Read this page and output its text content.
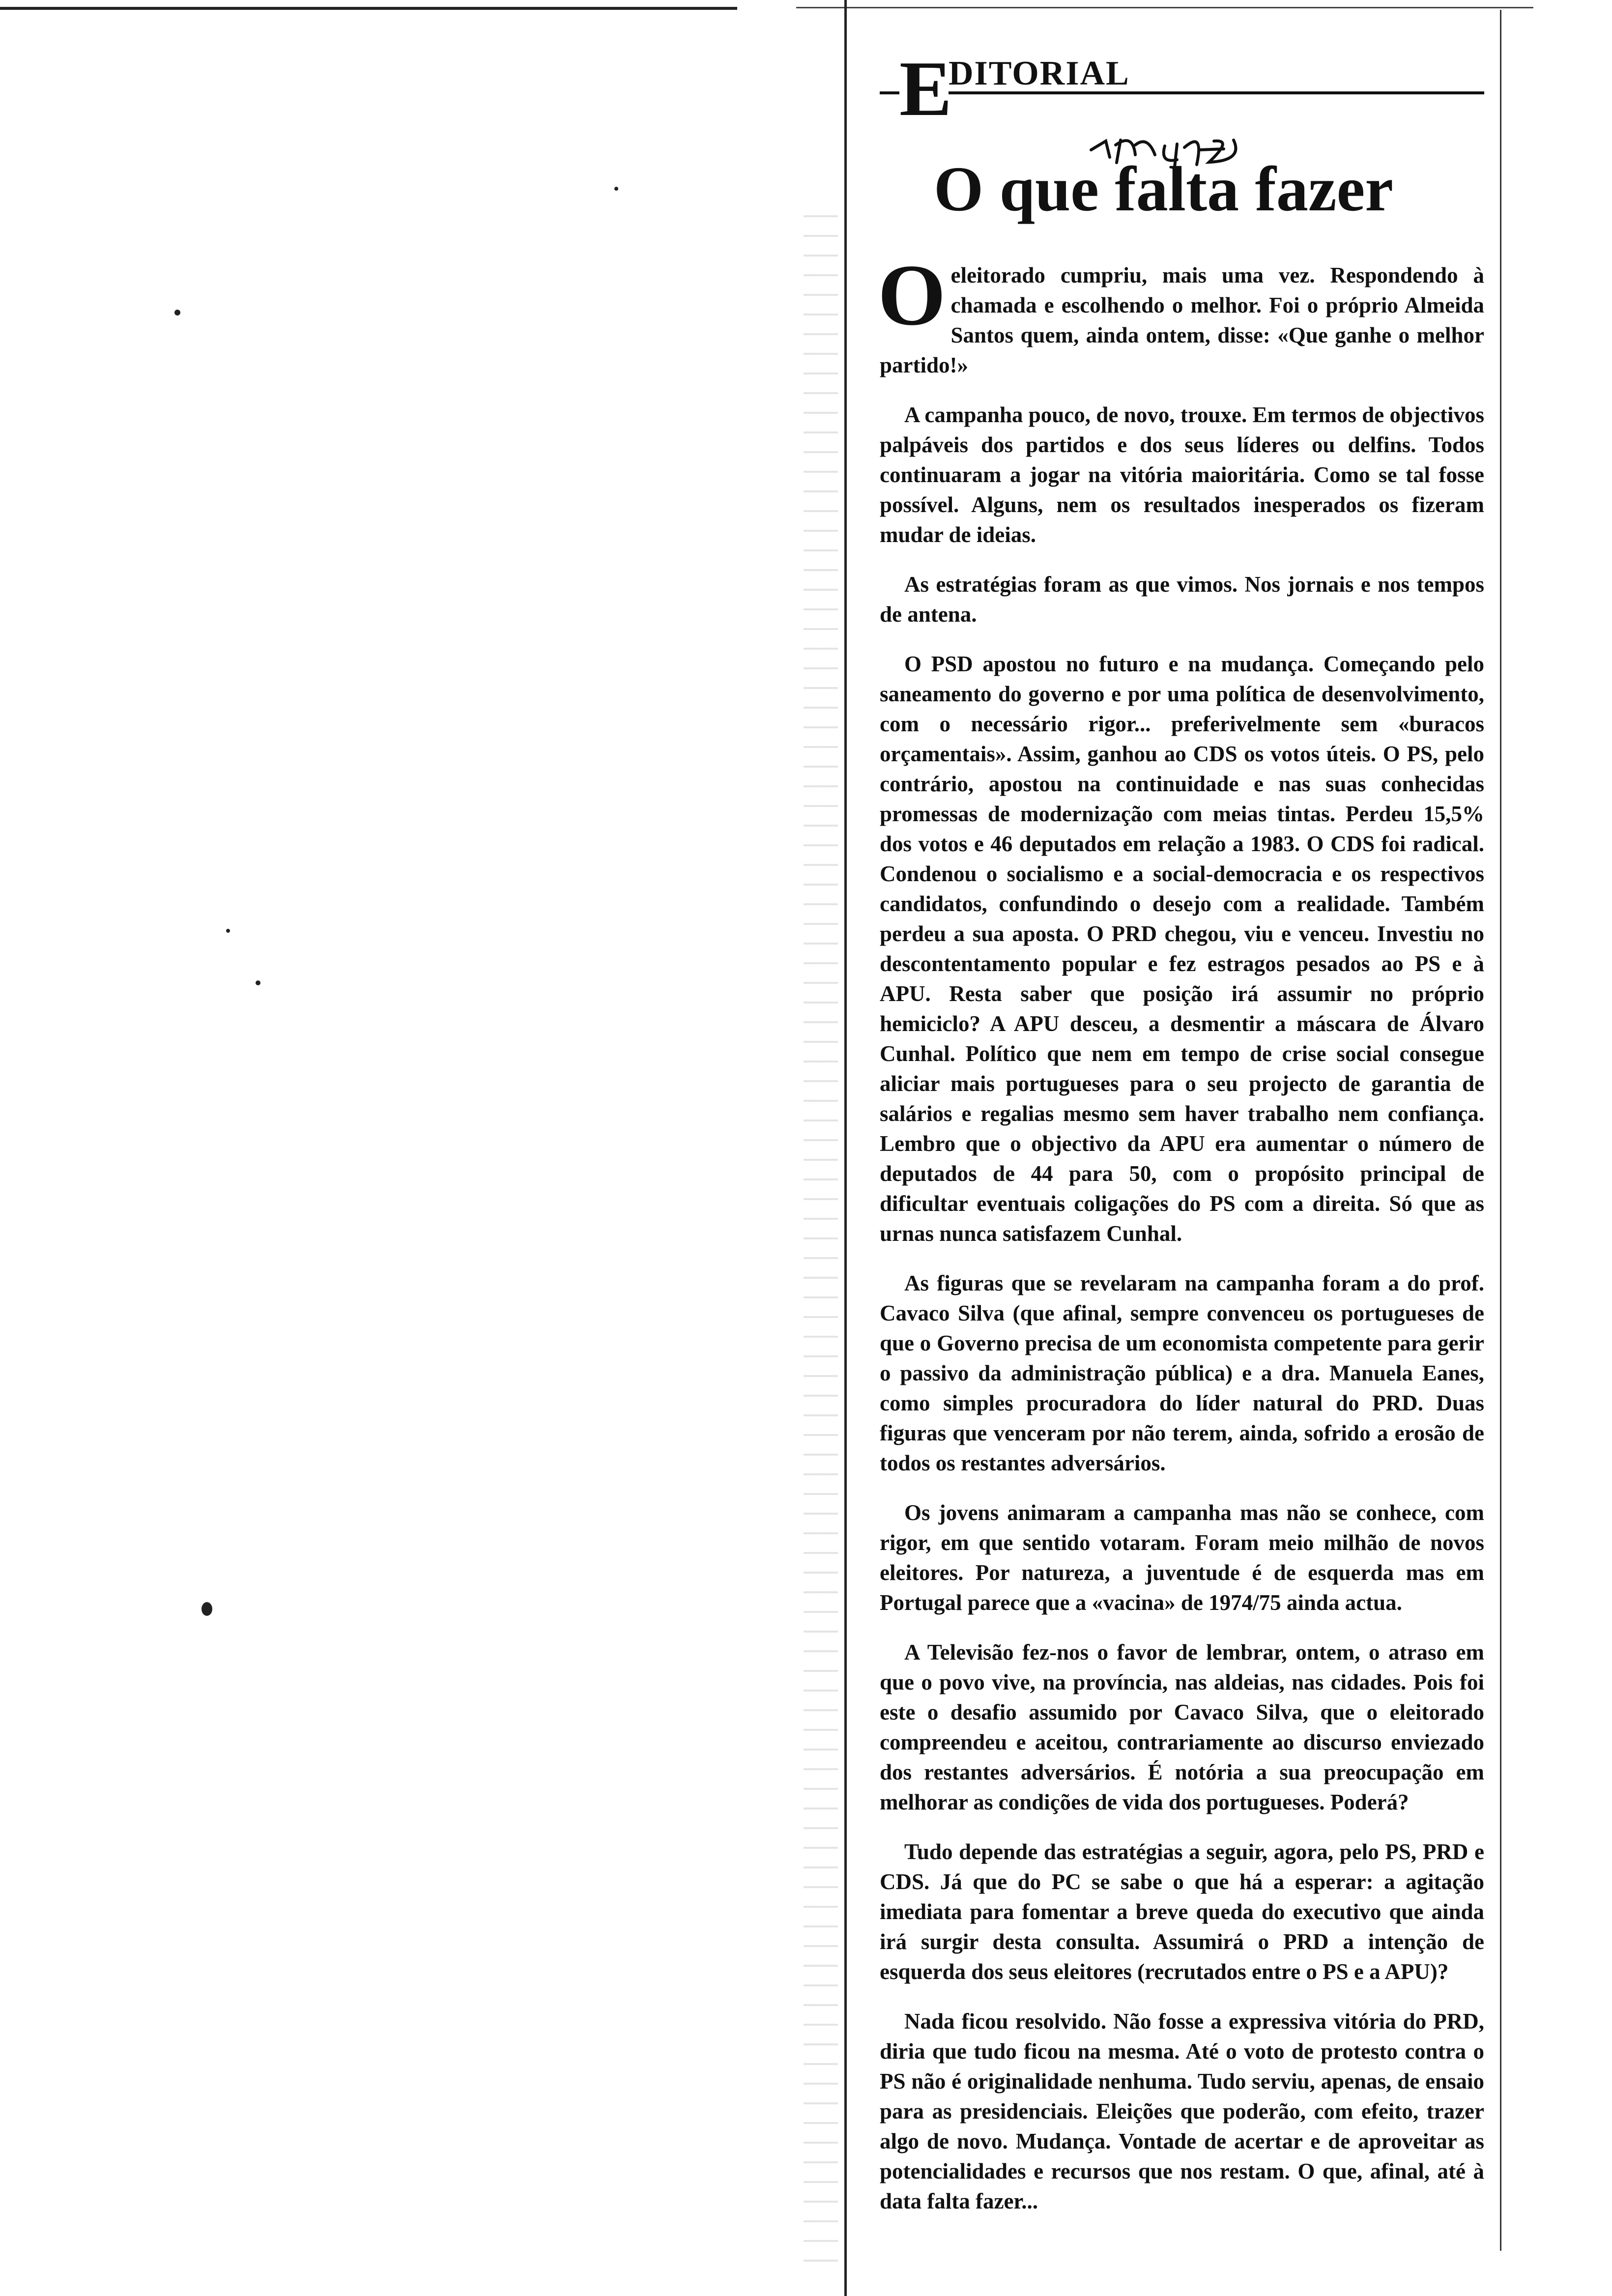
E
DITORIAL
O que falta fazer

Oeleitorado cumpriu, mais uma vez. Respondendo à chamada e escolhendo o melhor. Foi o próprio Almeida Santos quem, ainda ontem, disse: «Que ganhe o melhor partido!»

A campanha pouco, de novo, trouxe. Em termos de objectivos palpáveis dos partidos e dos seus líderes ou delfins. Todos continuaram a jogar na vitória maioritária. Como se tal fosse possível. Alguns, nem os resultados inesperados os fizeram mudar de ideias.

As estratégias foram as que vimos. Nos jornais e nos tempos de antena.

O PSD apostou no futuro e na mudança. Começando pelo saneamento do governo e por uma política de desenvolvimento, com o necessário rigor... preferivelmente sem «buracos orçamentais». Assim, ganhou ao CDS os votos úteis. O PS, pelo contrário, apostou na continuidade e nas suas conhecidas promessas de modernização com meias tintas. Perdeu 15,5% dos votos e 46 deputados em relação a 1983. O CDS foi radical. Condenou o socialismo e a social-democracia e os respectivos candidatos, confundindo o desejo com a realidade. Também perdeu a sua aposta. O PRD chegou, viu e venceu. Investiu no descontentamento popular e fez estragos pesados ao PS e à APU. Resta saber que posição irá assumir no próprio hemiciclo? A APU desceu, a desmentir a máscara de Álvaro Cunhal. Político que nem em tempo de crise social consegue aliciar mais portugueses para o seu projecto de garantia de salários e regalias mesmo sem haver trabalho nem confiança. Lembro que o objectivo da APU era aumentar o número de deputados de 44 para 50, com o propósito principal de dificultar eventuais coligações do PS com a direita. Só que as urnas nunca satisfazem Cunhal.

As figuras que se revelaram na campanha foram a do prof. Cavaco Silva (que afinal, sempre convenceu os portugueses de que o Governo precisa de um economista competente para gerir o passivo da administração pública) e a dra. Manuela Eanes, como simples procuradora do líder natural do PRD. Duas figuras que venceram por não terem, ainda, sofrido a erosão de todos os restantes adversários.

Os jovens animaram a campanha mas não se conhece, com rigor, em que sentido votaram. Foram meio milhão de novos eleitores. Por natureza, a juventude é de esquerda mas em Portugal parece que a «vacina» de 1974/75 ainda actua.

A Televisão fez-nos o favor de lembrar, ontem, o atraso em que o povo vive, na província, nas aldeias, nas cidades. Pois foi este o desafio assumido por Cavaco Silva, que o eleitorado compreendeu e aceitou, contrariamente ao discurso enviezado dos restantes adversários. É notória a sua preocupação em melhorar as condições de vida dos portugueses. Poderá?

Tudo depende das estratégias a seguir, agora, pelo PS, PRD e CDS. Já que do PC se sabe o que há a esperar: a agitação imediata para fomentar a breve queda do executivo que ainda irá surgir desta consulta. Assumirá o PRD a intenção de esquerda dos seus eleitores (recrutados entre o PS e a APU)?

Nada ficou resolvido. Não fosse a expressiva vitória do PRD, diria que tudo ficou na mesma. Até o voto de protesto contra o PS não é originalidade nenhuma. Tudo serviu, apenas, de ensaio para as presidenciais. Eleições que poderão, com efeito, trazer algo de novo. Mudança. Vontade de acertar e de aproveitar as potencialidades e recursos que nos restam. O que, afinal, até à data falta fazer...
